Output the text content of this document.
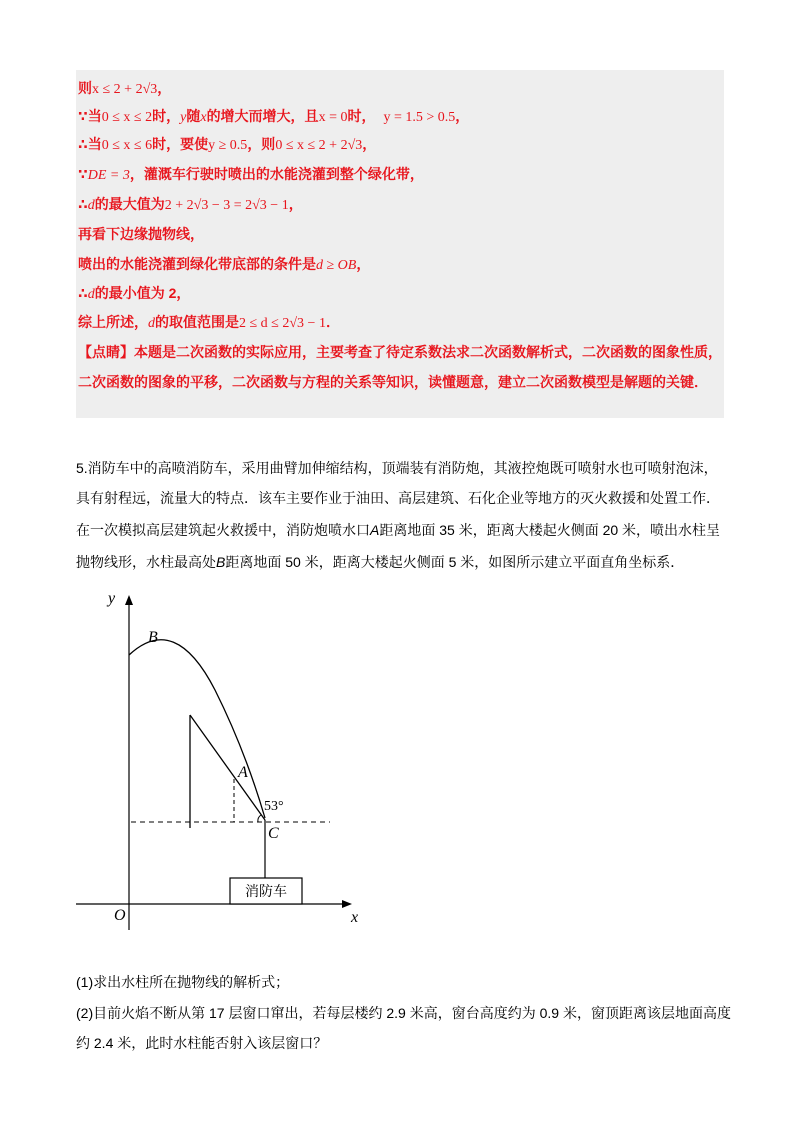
则x ≤ 2 + 2√3，
∵当0 ≤ x ≤ 2时，y随x的增大而增大，且x = 0时， y = 1.5 > 0.5，
∴当0 ≤ x ≤ 6时，要使y ≥ 0.5，则0 ≤ x ≤ 2 + 2√3，
∵DE = 3，灌溉车行驶时喷出的水能浇灌到整个绿化带，
∴d的最大值为2 + 2√3 − 3 = 2√3 − 1，
再看下边缘抛物线，
喷出的水能浇灌到绿化带底部的条件是d ≥ OB，
∴d的最小值为 2，
综上所述，d的取值范围是2 ≤ d ≤ 2√3 − 1．
【点睛】本题是二次函数的实际应用，主要考查了待定系数法求二次函数解析式，二次函数的图象性质，
二次函数的图象的平移，二次函数与方程的关系等知识，读懂题意，建立二次函数模型是解题的关键．
5.消防车中的高喷消防车，采用曲臂加伸缩结构，顶端装有消防炮，其液控炮既可喷射水也可喷射泡沫，
具有射程远，流量大的特点．该车主要作业于油田、高层建筑、石化企业等地方的灭火救援和处置工作．
在一次模拟高层建筑起火救援中，消防炮喷水口A距离地面 35 米，距离大楼起火侧面 20 米，喷出水柱呈
抛物线形，水柱最高处B距离地面 50 米，距离大楼起火侧面 5 米，如图所示建立平面直角坐标系．
消防车
y
x
O
B
A
C
53°
(1)求出水柱所在抛物线的解析式；
(2)目前火焰不断从第 17 层窗口窜出，若每层楼约 2.9 米高，窗台高度约为 0.9 米，窗顶距离该层地面高度
约 2.4 米，此时水柱能否射入该层窗口？
